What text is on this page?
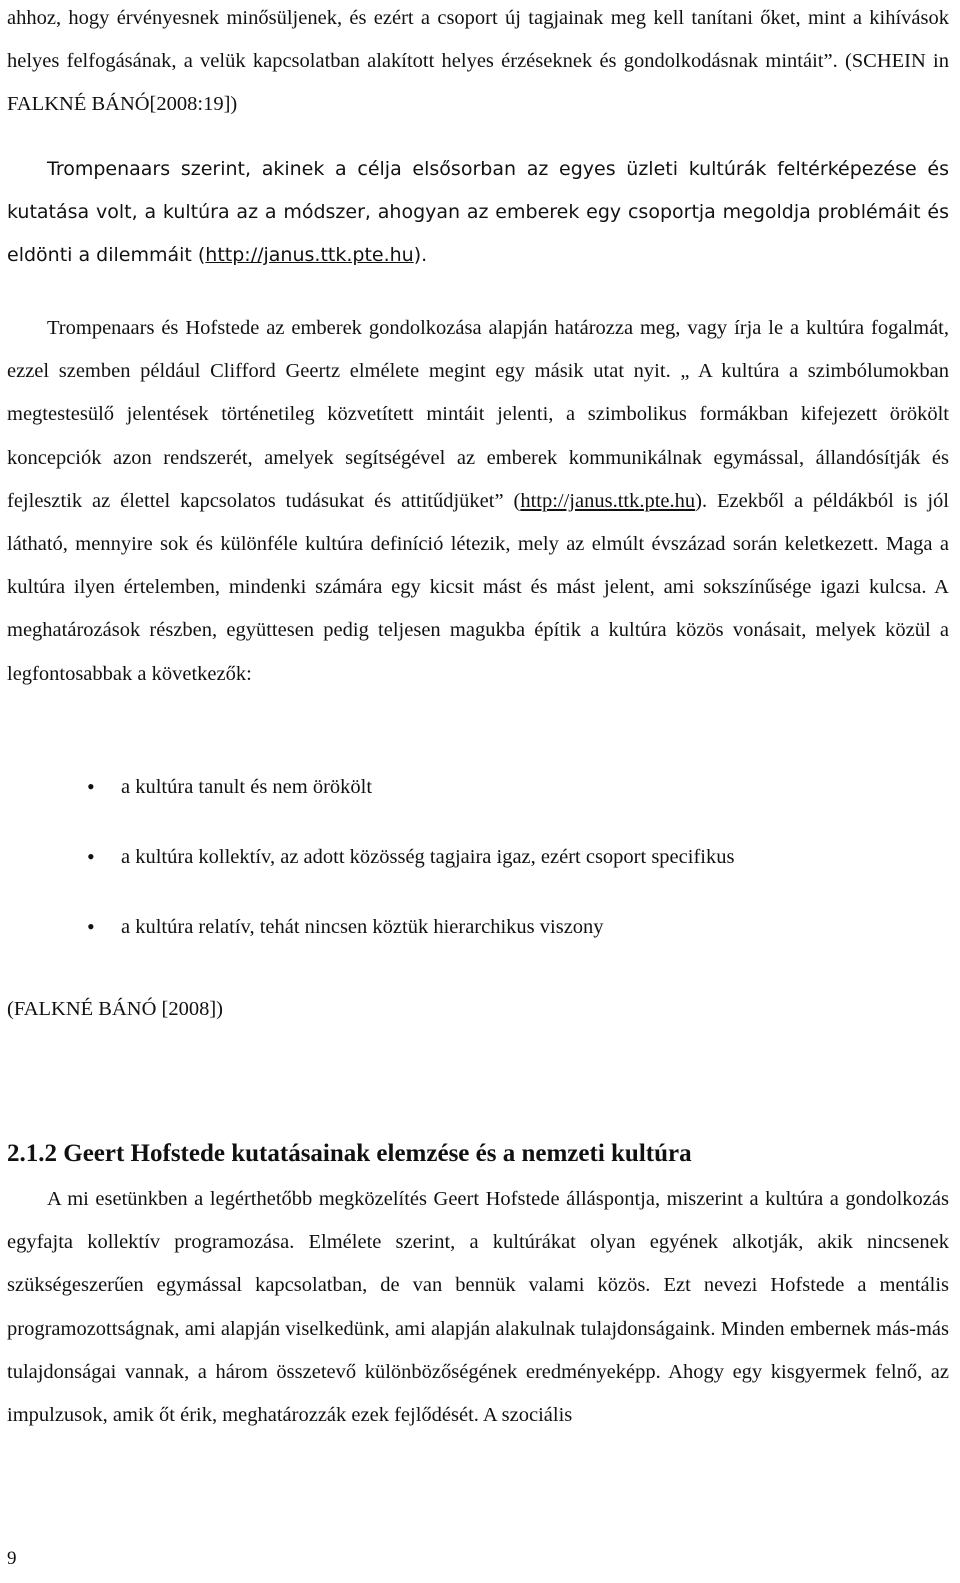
ahhoz, hogy érvényesnek minősüljenek, és ezért a csoport új tagjainak meg kell tanítani őket, mint a kihívások helyes felfogásának, a velük kapcsolatban alakított helyes érzéseknek és gondolkodásnak mintáit”. (SCHEIN in FALKNÉ BÁNÓ[2008:19])

Trompenaars szerint, akinek a célja elsősorban az egyes üzleti kultúrák feltérképezése és kutatása volt, a kultúra az a módszer, ahogyan az emberek egy csoportja megoldja problémáit és eldönti a dilemmáit (http://janus.ttk.pte.hu).

Trompenaars és Hofstede az emberek gondolkozása alapján határozza meg, vagy írja le a kultúra fogalmát, ezzel szemben például Clifford Geertz elmélete megint egy másik utat nyit. „ A kultúra a szimbólumokban megtestesülő jelentések történetileg közvetített mintáit jelenti, a szimbolikus formákban kifejezett örökölt koncepciók azon rendszerét, amelyek segítségével az emberek kommunikálnak egymással, állandósítják és fejlesztik az élettel kapcsolatos tudásukat és attitűdjüket” (http://janus.ttk.pte.hu). Ezekből a példákból is jól látható, mennyire sok és különféle kultúra definíció létezik, mely az elmúlt évszázad során keletkezett. Maga a kultúra ilyen értelemben, mindenki számára egy kicsit mást és mást jelent, ami sokszínűsége igazi kulcsa. A meghatározások részben, együttesen pedig teljesen magukba építik a kultúra közös vonásait, melyek közül a legfontosabbak a következők:

• a kultúra tanult és nem örökölt
• a kultúra kollektív, az adott közösség tagjaira igaz, ezért csoport specifikus
• a kultúra relatív, tehát nincsen köztük hierarchikus viszony
(FALKNÉ BÁNÓ [2008])
2.1.2 Geert Hofstede kutatásainak elemzése és a nemzeti kultúra

A mi esetünkben a legérthetőbb megközelítés Geert Hofstede álláspontja, miszerint a kultúra a gondolkozás egyfajta kollektív programozása. Elmélete szerint, a kultúrákat olyan egyének alkotják, akik nincsenek szükségeszerűen egymással kapcsolatban, de van bennük valami közös. Ezt nevezi Hofstede a mentális programozottságnak, ami alapján viselkedünk, ami alapján alakulnak tulajdonságaink. Minden embernek más-más tulajdonságai vannak, a három összetevő különbözőségének eredményeképp. Ahogy egy kisgyermek felnő, az impulzusok, amik őt érik, meghatározzák ezek fejlődését. A szociális

9
